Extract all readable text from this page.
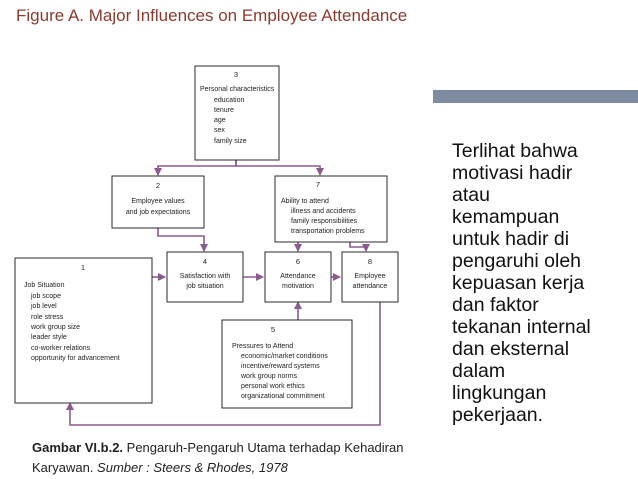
Figure A. Major Influences on Employee Attendance
3
Personal characteristics
education
tenure
age
sex
family size
2
Employee values
and job expectations
7
Ability to attend
illness and accidents
family responsibilities
transportation problems
1
Job Situation
job scope
job level
role stress
work group size
leader style
co-worker relations
opportunity for advancement
4
Satisfaction with
job situation
6
Attendance
motivation
8
Employee
attendance
5
Pressures to Attend
economic/market conditions
incentive/reward systems
work group norms
personal work ethics
organizational commitment
Terlihat bahwa
motivasi hadir
atau
kemampuan
untuk hadir di
pengaruhi oleh
kepuasan kerja
dan faktor
tekanan internal
dan eksternal
dalam
lingkungan
pekerjaan.
Gambar VI.b.2. Pengaruh-Pengaruh Utama terhadap Kehadiran
Karyawan. Sumber : Steers & Rhodes, 1978
